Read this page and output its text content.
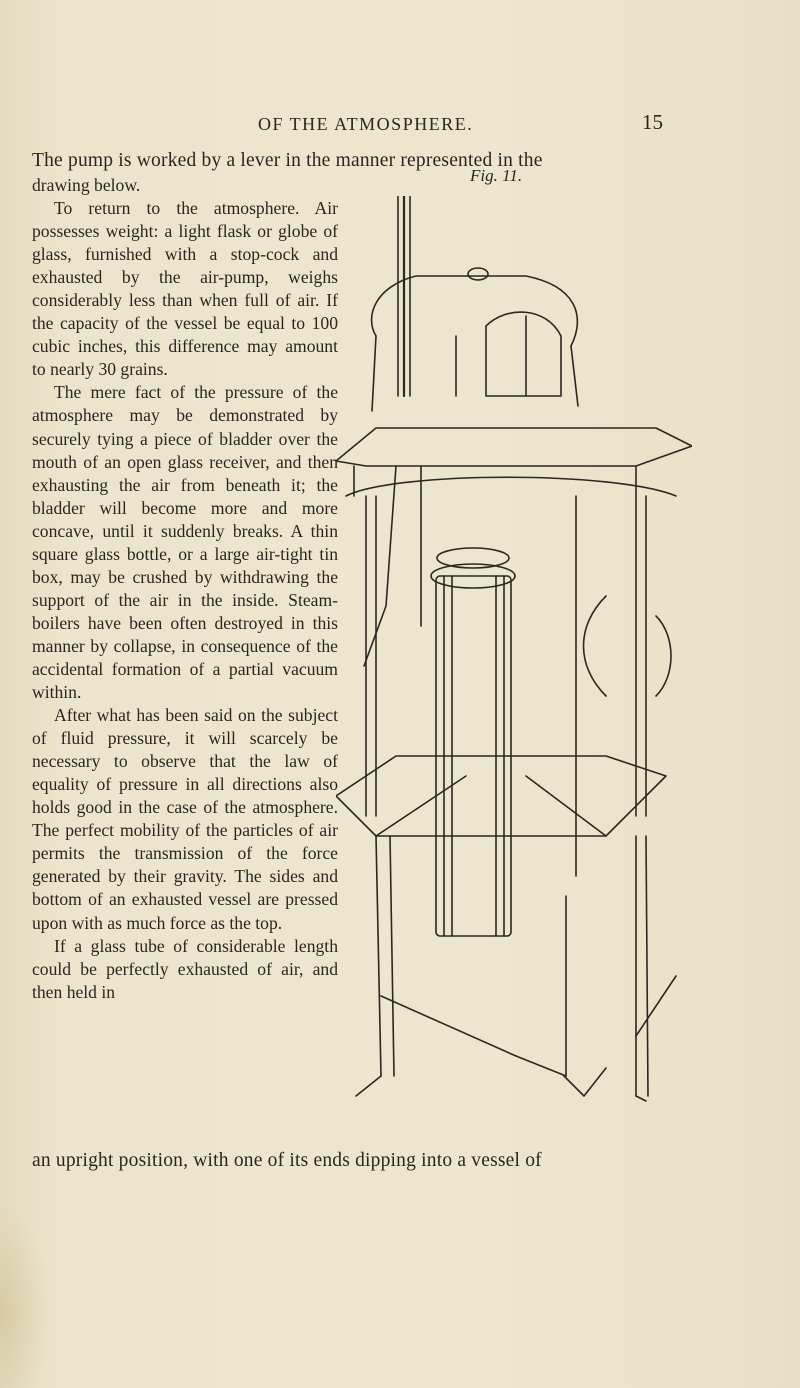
OF THE ATMOSPHERE.	15
The pump is worked by a lever in the manner represented in the

drawing below.

To return to the atmosphere. Air possesses weight: a light flask or globe of glass, furnished with a stop-cock and exhausted by the air-pump, weighs considerably less than when full of air. If the capacity of the vessel be equal to 100 cubic inches, this difference may amount to nearly 30 grains.

The mere fact of the pressure of the atmosphere may be demonstrated by securely tying a piece of bladder over the mouth of an open glass receiver, and then exhausting the air from beneath it; the bladder will become more and more concave, until it suddenly breaks. A thin square glass bottle, or a large air-tight tin box, may be crushed by withdrawing the support of the air in the inside. Steam-boilers have been often destroyed in this manner by collapse, in consequence of the accidental formation of a partial vacuum within.

After what has been said on the subject of fluid pressure, it will scarcely be necessary to observe that the law of equality of pressure in all directions also holds good in the case of the atmosphere. The perfect mobility of the particles of air permits the transmission of the force generated by their gravity. The sides and bottom of an exhausted vessel are pressed upon with as much force as the top.

If a glass tube of considerable length could be perfectly exhausted of air, and then held in

Fig. 11.
an upright position, with one of its ends dipping into a vessel of
